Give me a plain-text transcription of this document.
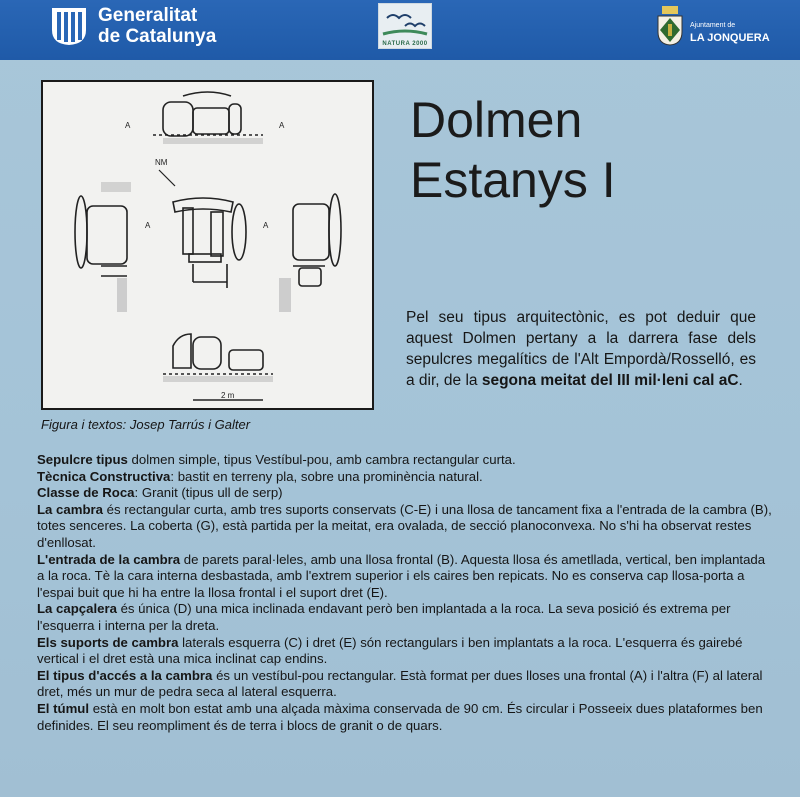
Generalitat
de Catalunya	NATURA 2000
Ajuntament de
LA JONQUERA
A	A
A	A
NM
2 m
Figura i textos: Josep Tarrús i Galter
Dolmen
Estanys I

Pel seu tipus arquitectònic, es pot deduir que aquest Dolmen pertany a la darrera fase dels sepulcres megalítics de l'Alt Empordà/Rosselló, es a dir, de la segona meitat del III mil·leni cal aC.

Sepulcre tipus dolmen simple, tipus Vestíbul-pou, amb cambra rectangular curta.

Tècnica Constructiva: bastit en terreny pla, sobre una prominència natural.

Classe de Roca: Granit (tipus ull de serp)

La cambra és rectangular curta, amb tres suports conservats (C-E) i una llosa de tancament fixa a l'entrada de la cambra (B), totes senceres. La coberta (G), està partida per la meitat, era ovalada, de secció planoconvexa. No s'hi ha observat restes d'enllosat.

L'entrada de la cambra de parets paral·leles, amb una llosa frontal (B). Aquesta llosa és ametllada, vertical, ben implantada a la roca. Tè la cara interna desbastada, amb l'extrem superior i els caires ben repicats. No es conserva cap llosa-porta a l'espai buit que hi ha entre la llosa frontal i el suport dret (E).

La capçalera és única (D) una mica inclinada endavant però ben implantada a la roca. La seva posició és extrema per l'esquerra i interna per la dreta.

Els suports de cambra laterals esquerra (C) i dret (E) són rectangulars i ben implantats a la roca. L'esquerra és gairebé vertical i el dret està una mica inclinat cap endins.

El tipus d'accés a la cambra és un vestíbul-pou rectangular. Està format per dues lloses una frontal (A) i l'altra (F) al lateral dret, més un mur de pedra seca al lateral esquerra.

El túmul està en molt bon estat amb una alçada màxima conservada de 90 cm. És circular i Posseeix dues plataformes ben definides. El seu reompliment és de terra i blocs de granit o de quars.
